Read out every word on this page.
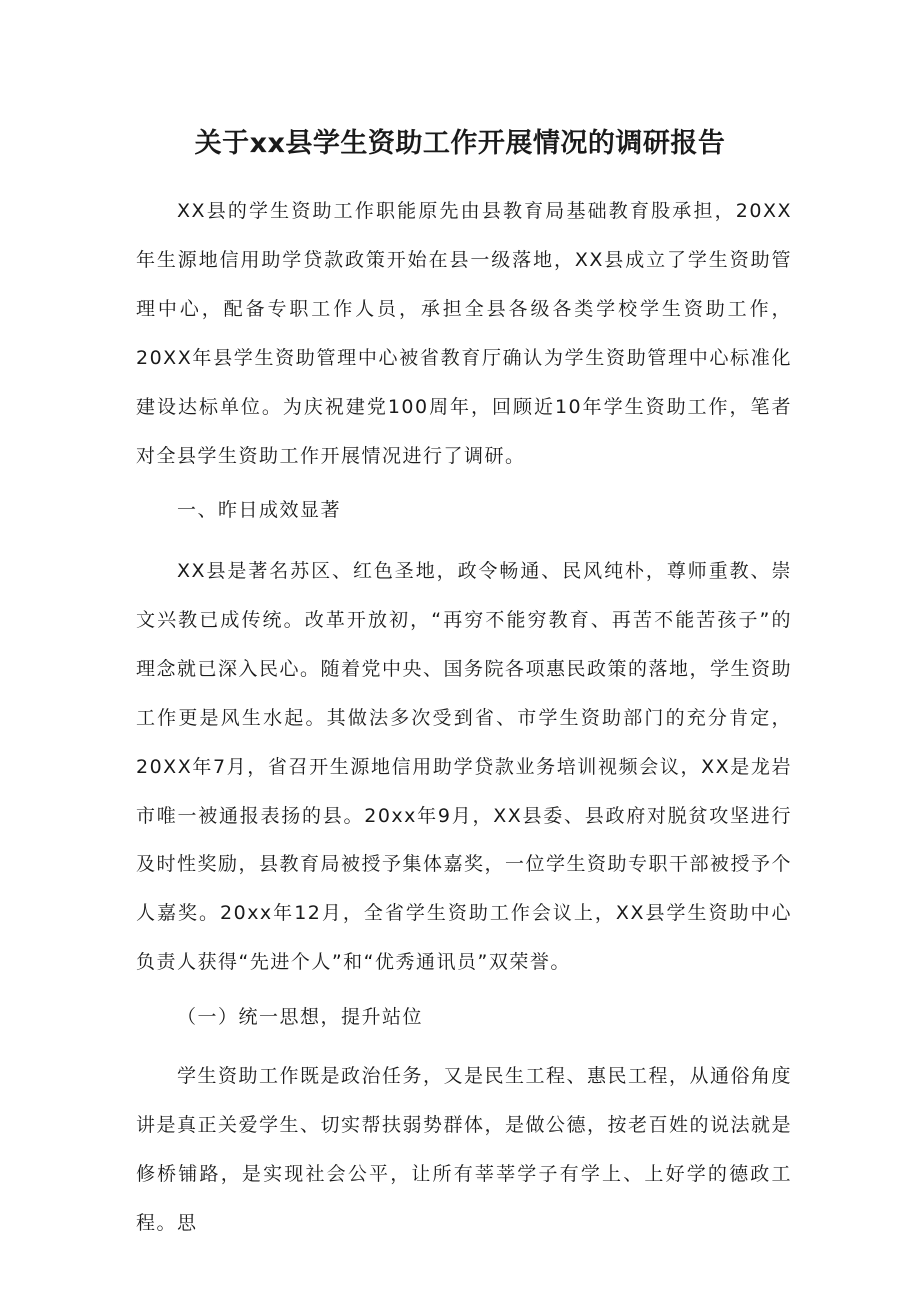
关于xx县学生资助工作开展情况的调研报告

XX县的学生资助工作职能原先由县教育局基础教育股承担，20XX年生源地信用助学贷款政策开始在县一级落地，XX县成立了学生资助管理中心，配备专职工作人员，承担全县各级各类学校学生资助工作，20XX年县学生资助管理中心被省教育厅确认为学生资助管理中心标准化建设达标单位。为庆祝建党100周年，回顾近10年学生资助工作，笔者对全县学生资助工作开展情况进行了调研。

一、昨日成效显著

XX县是著名苏区、红色圣地，政令畅通、民风纯朴，尊师重教、崇文兴教已成传统。改革开放初，“再穷不能穷教育、再苦不能苦孩子”的理念就已深入民心。随着党中央、国务院各项惠民政策的落地，学生资助工作更是风生水起。其做法多次受到省、市学生资助部门的充分肯定，20XX年7月，省召开生源地信用助学贷款业务培训视频会议，XX是龙岩市唯一被通报表扬的县。20xx年9月，XX县委、县政府对脱贫攻坚进行及时性奖励，县教育局被授予集体嘉奖，一位学生资助专职干部被授予个人嘉奖。20xx年12月，全省学生资助工作会议上，XX县学生资助中心负责人获得“先进个人”和“优秀通讯员”双荣誉。

（一）统一思想，提升站位

学生资助工作既是政治任务，又是民生工程、惠民工程，从通俗角度讲是真正关爱学生、切实帮扶弱势群体，是做公德，按老百姓的说法就是修桥铺路，是实现社会公平，让所有莘莘学子有学上、上好学的德政工程。思
